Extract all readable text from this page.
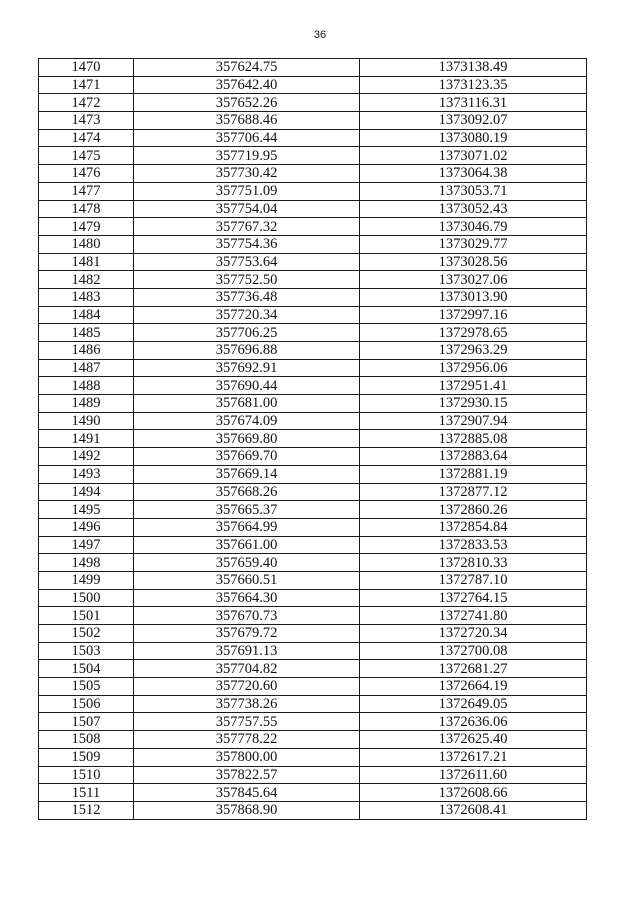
36
1470	357624.75	1373138.49
1471	357642.40	1373123.35
1472	357652.26	1373116.31
1473	357688.46	1373092.07
1474	357706.44	1373080.19
1475	357719.95	1373071.02
1476	357730.42	1373064.38
1477	357751.09	1373053.71
1478	357754.04	1373052.43
1479	357767.32	1373046.79
1480	357754.36	1373029.77
1481	357753.64	1373028.56
1482	357752.50	1373027.06
1483	357736.48	1373013.90
1484	357720.34	1372997.16
1485	357706.25	1372978.65
1486	357696.88	1372963.29
1487	357692.91	1372956.06
1488	357690.44	1372951.41
1489	357681.00	1372930.15
1490	357674.09	1372907.94
1491	357669.80	1372885.08
1492	357669.70	1372883.64
1493	357669.14	1372881.19
1494	357668.26	1372877.12
1495	357665.37	1372860.26
1496	357664.99	1372854.84
1497	357661.00	1372833.53
1498	357659.40	1372810.33
1499	357660.51	1372787.10
1500	357664.30	1372764.15
1501	357670.73	1372741.80
1502	357679.72	1372720.34
1503	357691.13	1372700.08
1504	357704.82	1372681.27
1505	357720.60	1372664.19
1506	357738.26	1372649.05
1507	357757.55	1372636.06
1508	357778.22	1372625.40
1509	357800.00	1372617.21
1510	357822.57	1372611.60
1511	357845.64	1372608.66
1512	357868.90	1372608.41
